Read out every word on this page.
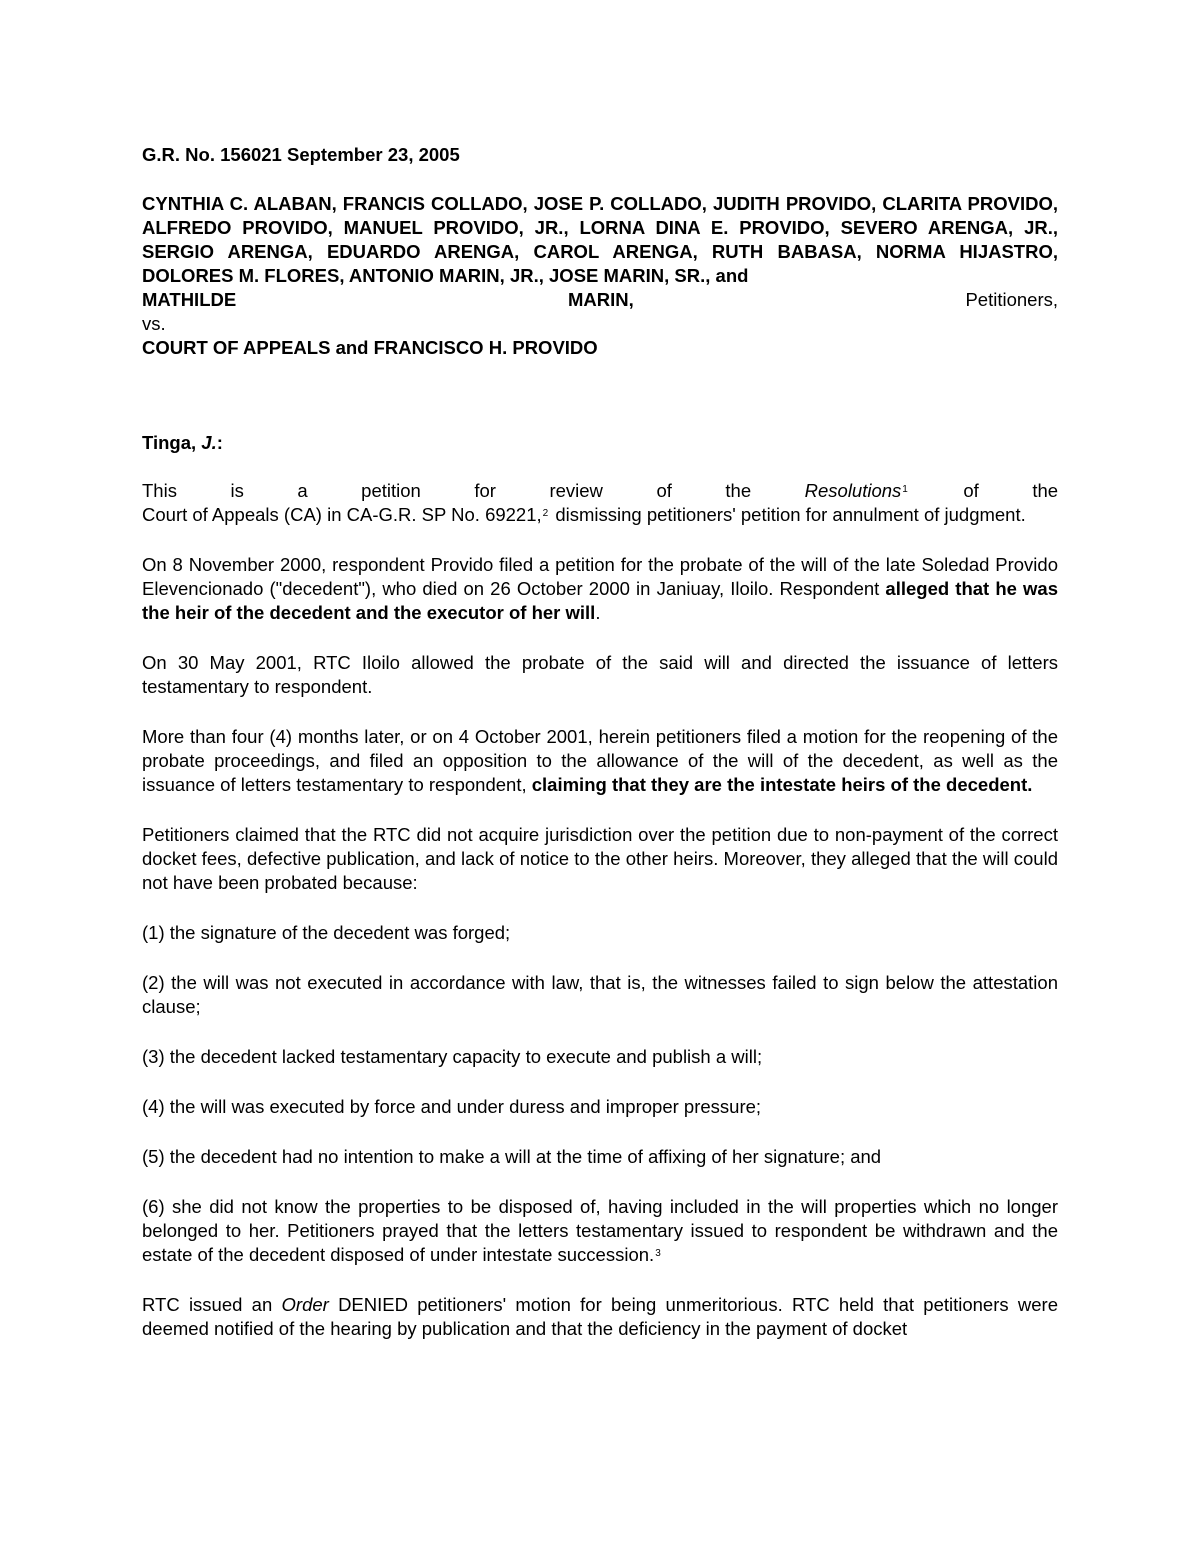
G.R. No. 156021 September 23, 2005

CYNTHIA C. ALABAN, FRANCIS COLLADO, JOSE P. COLLADO, JUDITH PROVIDO, CLARITA PROVIDO, ALFREDO PROVIDO, MANUEL PROVIDO, JR., LORNA DINA E. PROVIDO, SEVERO ARENGA, JR., SERGIO ARENGA, EDUARDO ARENGA, CAROL ARENGA, RUTH BABASA, NORMA HIJASTRO, DOLORES M. FLORES, ANTONIO MARIN, JR., JOSE MARIN, SR., and

MATHILDE	MARIN,	Petitioners,

vs.

COURT OF APPEALS and FRANCISCO H. PROVIDO

Tinga, J.:

This	is	a	petition	for	review	of	the	Resolutions$^1$	of	the

Court of Appeals (CA) in CA-G.R. SP No. 69221,$^2$ dismissing petitioners' petition for annulment of judgment.

On 8 November 2000, respondent Provido filed a petition for the probate of the will of the late Soledad Provido Elevencionado ("decedent"), who died on 26 October 2000 in Janiuay, Iloilo. Respondent alleged that he was the heir of the decedent and the executor of her will.

On 30 May 2001, RTC Iloilo allowed the probate of the said will and directed the issuance of letters testamentary to respondent.

More than four (4) months later, or on 4 October 2001, herein petitioners filed a motion for the reopening of the probate proceedings, and filed an opposition to the allowance of the will of the decedent, as well as the issuance of letters testamentary to respondent, claiming that they are the intestate heirs of the decedent.

Petitioners claimed that the RTC did not acquire jurisdiction over the petition due to non-payment of the correct docket fees, defective publication, and lack of notice to the other heirs. Moreover, they alleged that the will could not have been probated because:

(1) the signature of the decedent was forged;

(2) the will was not executed in accordance with law, that is, the witnesses failed to sign below the attestation clause;

(3) the decedent lacked testamentary capacity to execute and publish a will;

(4) the will was executed by force and under duress and improper pressure;

(5) the decedent had no intention to make a will at the time of affixing of her signature; and

(6) she did not know the properties to be disposed of, having included in the will properties which no longer belonged to her. Petitioners prayed that the letters testamentary issued to respondent be withdrawn and the estate of the decedent disposed of under intestate succession.$^3$

RTC issued an Order DENIED petitioners' motion for being unmeritorious. RTC held that petitioners were deemed notified of the hearing by publication and that the deficiency in the payment of docket
